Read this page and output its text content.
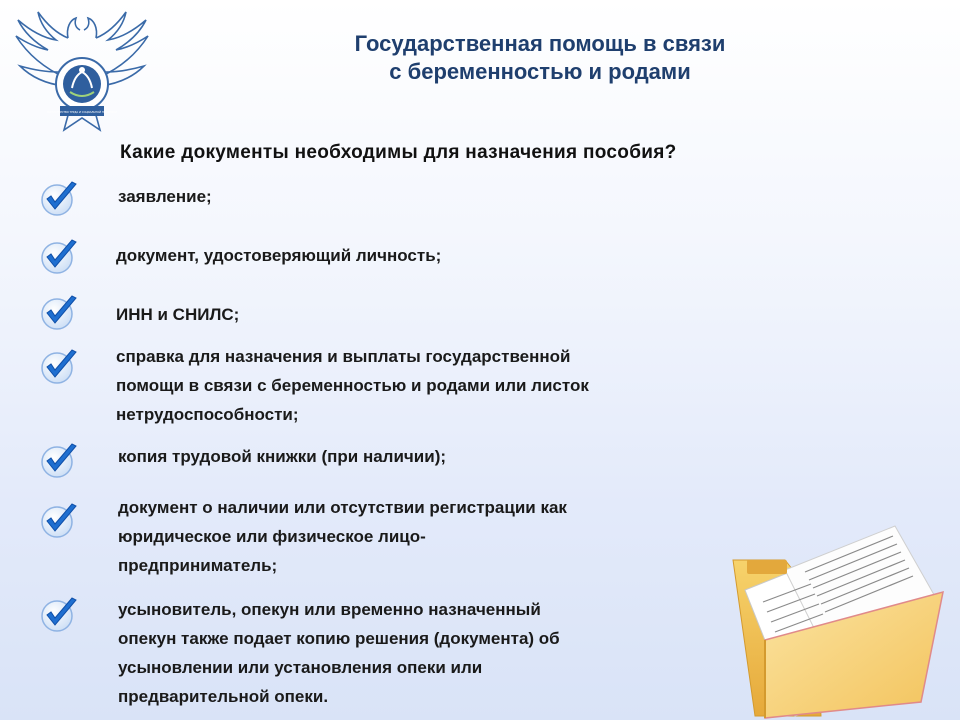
МИНИСТЕРСТВО ТРУДА И СОЦИАЛЬНОЙ ПОЛИТИКИ
Государственная помощь в связи
с беременностью и родами
Какие документы необходимы для назначения пособия?
заявление;
документ, удостоверяющий личность;
ИНН и СНИЛС;
справка для назначения и выплаты государственной
помощи в связи с беременностью и родами или листок
нетрудоспособности;
копия трудовой книжки (при наличии);
документ о наличии или отсутствии регистрации как
юридическое или физическое лицо-
предприниматель;
усыновитель, опекун или временно назначенный
опекун также подает копию решения (документа) об
усыновлении или установления опеки или
предварительной опеки.
